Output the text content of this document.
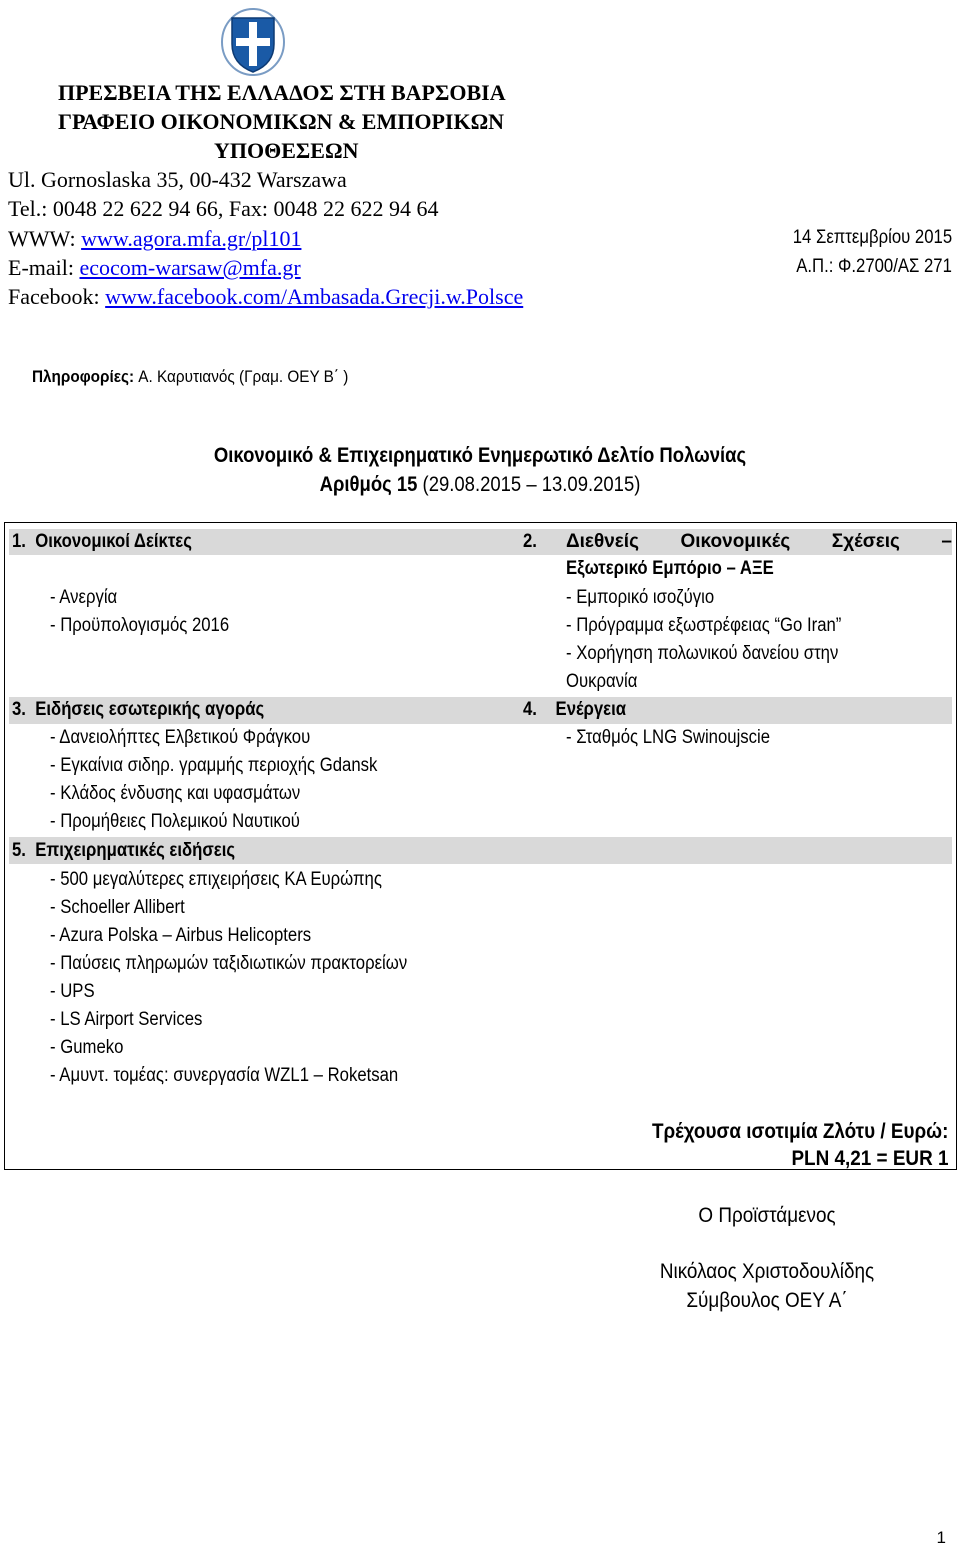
ΠΡΕΣΒΕΙΑ ΤΗΣ ΕΛΛΑΔΟΣ ΣΤΗ ΒΑΡΣΟΒΙΑ
ΓΡΑΦΕΙΟ ΟΙΚΟΝΟΜΙΚΩΝ & ΕΜΠΟΡΙΚΩΝ
ΥΠΟΘΕΣΕΩΝ
Ul. Gornoslaska 35, 00-432 Warszawa
Tel.: 0048 22 622 94 66, Fax: 0048 22 622 94 64
WWW: www.agora.mfa.gr/pl101
E-mail: ecocom-warsaw@mfa.gr
Facebook: www.facebook.com/Ambasada.Grecji.w.Polsce
14 Σεπτεμβρίου 2015
Α.Π.: Φ.2700/ΑΣ 271
Πληροφορίες: Α. Καρυτιανός (Γραμ. ΟΕΥ Β΄ )
Οικονομικό & Επιχειρηματικό Ενημερωτικό Δελτίο Πολωνίας
Αριθμός 15 (29.08.2015 – 13.09.2015)
1. Οικονομικοί Δείκτες
- Ανεργία
- Προϋπολογισμός 2016
2. Διεθνείς Οικονομικές Σχέσεις –
Εξωτερικό Εμπόριο – ΑΞΕ
- Εμπορικό ισοζύγιο
- Πρόγραμμα εξωστρέφειας “Go Iran”
- Χορήγηση πολωνικού δανείου στην
Ουκρανία
3. Ειδήσεις εσωτερικής αγοράς
- Δανειολήπτες Ελβετικού Φράγκου
- Εγκαίνια σιδηρ. γραμμής περιοχής Gdansk
- Κλάδος ένδυσης και υφασμάτων
- Προμήθειες Πολεμικού Ναυτικού
4. Ενέργεια
- Σταθμός LNG Swinoujscie
5. Επιχειρηματικές ειδήσεις
- 500 μεγαλύτερες επιχειρήσεις ΚΑ Ευρώπης
- Schoeller Allibert
- Azura Polska – Airbus Helicopters
- Παύσεις πληρωμών ταξιδιωτικών πρακτορείων
- UPS
- LS Airport Services
- Gumeko
- Αμυντ. τομέας: συνεργασία WZL1 – Roketsan
Τρέχουσα ισοτιμία Ζλότυ / Ευρώ:
PLN 4,21 = EUR 1
Ο Προϊστάμενος
Νικόλαος Χριστοδουλίδης
Σύμβουλος ΟΕΥ Α΄
1
